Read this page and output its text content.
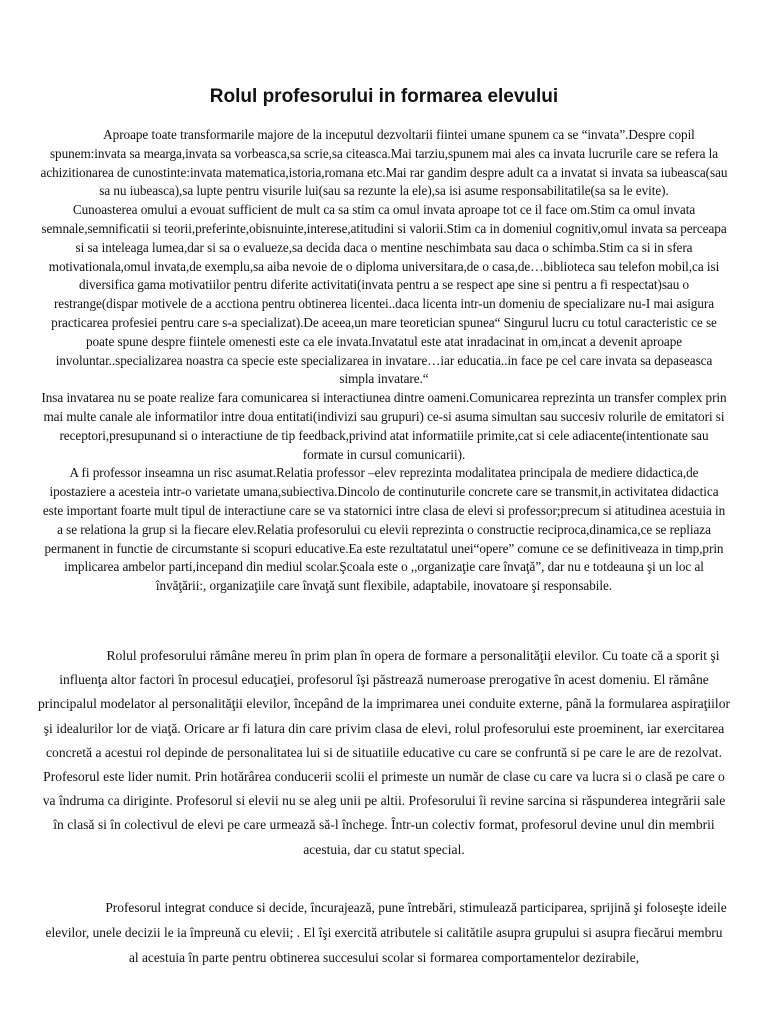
Rolul profesorului in formarea elevului

Aproape toate transformarile majore de la inceputul dezvoltarii fiintei umane spunem ca se “invata”.Despre copil spunem:invata sa mearga,invata sa vorbeasca,sa scrie,sa citeasca.Mai tarziu,spunem mai ales ca invata lucrurile care se refera la achizitionarea de cunostinte:invata matematica,istoria,romana etc.Mai rar gandim despre adult ca a invatat si invata sa iubeasca(sau sa nu iubeasca),sa lupte pentru visurile lui(sau sa rezunte la ele),sa isi asume responsabilitatile(sa sa le evite).

Cunoasterea omului a evouat sufficient de mult ca sa stim ca omul invata aproape tot ce il face om.Stim ca omul invata semnale,semnificatii si teorii,preferinte,obisnuinte,interese,atitudini si valorii.Stim ca in domeniul cognitiv,omul invata sa perceapa si sa inteleaga lumea,dar si sa o evalueze,sa decida daca o mentine neschimbata sau daca o schimba.Stim ca si in sfera motivationala,omul invata,de exemplu,sa aiba nevoie de o diploma universitara,de o casa,de…biblioteca sau telefon mobil,ca isi diversifica gama motivatiilor pentru diferite activitati(invata pentru a se respect ape sine si pentru a fi respectat)sau o restrange(dispar motivele de a acctiona pentru obtinerea licentei..daca licenta intr-un domeniu de specializare nu-I mai asigura practicarea profesiei pentru care s-a specializat).De aceea,un mare teoretician spunea“ Singurul lucru cu totul caracteristic ce se poate spune despre fiintele omenesti este ca ele invata.Invatatul este atat inradacinat in om,incat a devenit aproape involuntar..specializarea noastra ca specie este specializarea in invatare…iar educatia..in face pe cel care invata sa depaseasca simpla invatare.“

Insa invatarea nu se poate realize fara comunicarea si interactiunea dintre oameni.Comunicarea reprezinta un transfer complex prin mai multe canale ale informatilor intre doua entitati(indivizi sau grupuri) ce-si asuma simultan sau succesiv rolurile de emitatori si receptori,presupunand si o interactiune de tip feedback,privind atat informatiile primite,cat si cele adiacente(intentionate sau formate in cursul comunicarii).

A fi professor inseamna un risc asumat.Relatia professor –elev reprezinta modalitatea principala de mediere didactica,de ipostaziere a acesteia intr-o varietate umana,subiectiva.Dincolo de continuturile concrete care se transmit,in activitatea didactica este important foarte mult tipul de interactiune care se va statornici intre clasa de elevi si professor;precum si atitudinea acestuia in a se relationa la grup si la fiecare elev.Relatia profesorului cu elevii reprezinta o constructie reciproca,dinamica,ce se repliaza permanent in functie de circumstante si scopuri educative.Ea este rezultatatul unei“opere” comune ce se definitiveaza in timp,prin implicarea ambelor parti,incepand din mediul scolar.Şcoala este o ,,organizaţie care învaţă”, dar nu e totdeauna şi un loc al învăţării:, organizaţiile care învaţă sunt flexibile, adaptabile, inovatoare şi responsabile.

Rolul profesorului rămâne mereu în prim plan în opera de formare a personalităţii elevilor. Cu toate că a sporit şi influenţa altor factori în procesul educaţiei, profesorul îşi păstrează numeroase prerogative în acest domeniu. El rămâne principalul modelator al personalităţii elevilor, începând de la imprimarea unei conduite externe, până la formularea aspiraţiilor şi idealurilor lor de viaţă. Oricare ar fi latura din care privim clasa de elevi, rolul profesorului este proeminent, iar exercitarea concretă a acestui rol depinde de personalitatea lui si de situatiile educative cu care se confruntă si pe care le are de rezolvat. Profesorul este lider numit. Prin hotărârea conducerii scolii el primeste un număr de clase cu care va lucra si o clasă pe care o va îndruma ca diriginte. Profesorul si elevii nu se aleg unii pe altii. Profesorului îi revine sarcina si răspunderea integrării sale în clasă si în colectivul de elevi pe care urmează să-l închege. Într-un colectiv format, profesorul devine unul din membrii acestuia, dar cu statut special.

Profesorul integrat conduce si decide, încurajează, pune întrebări, stimulează participarea, sprijină şi foloseşte ideile elevilor, unele decizii le ia împreună cu elevii; . El îşi exercită atributele si calitătile asupra grupului si asupra fiecărui membru al acestuia în parte pentru obtinerea succesului scolar si formarea comportamentelor dezirabile,
